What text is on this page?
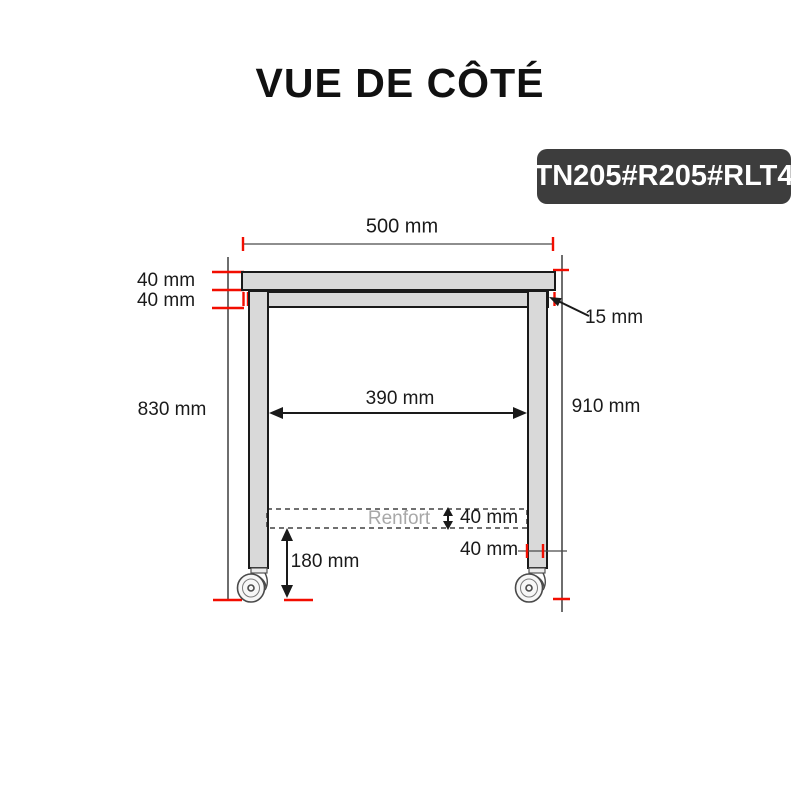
VUE DE CÔTÉ
TN205#R205#RLT4
500 mm
40 mm
40 mm
15 mm
830 mm
390 mm	910 mm
Renfort 40 mm
40 mm
180 mm
